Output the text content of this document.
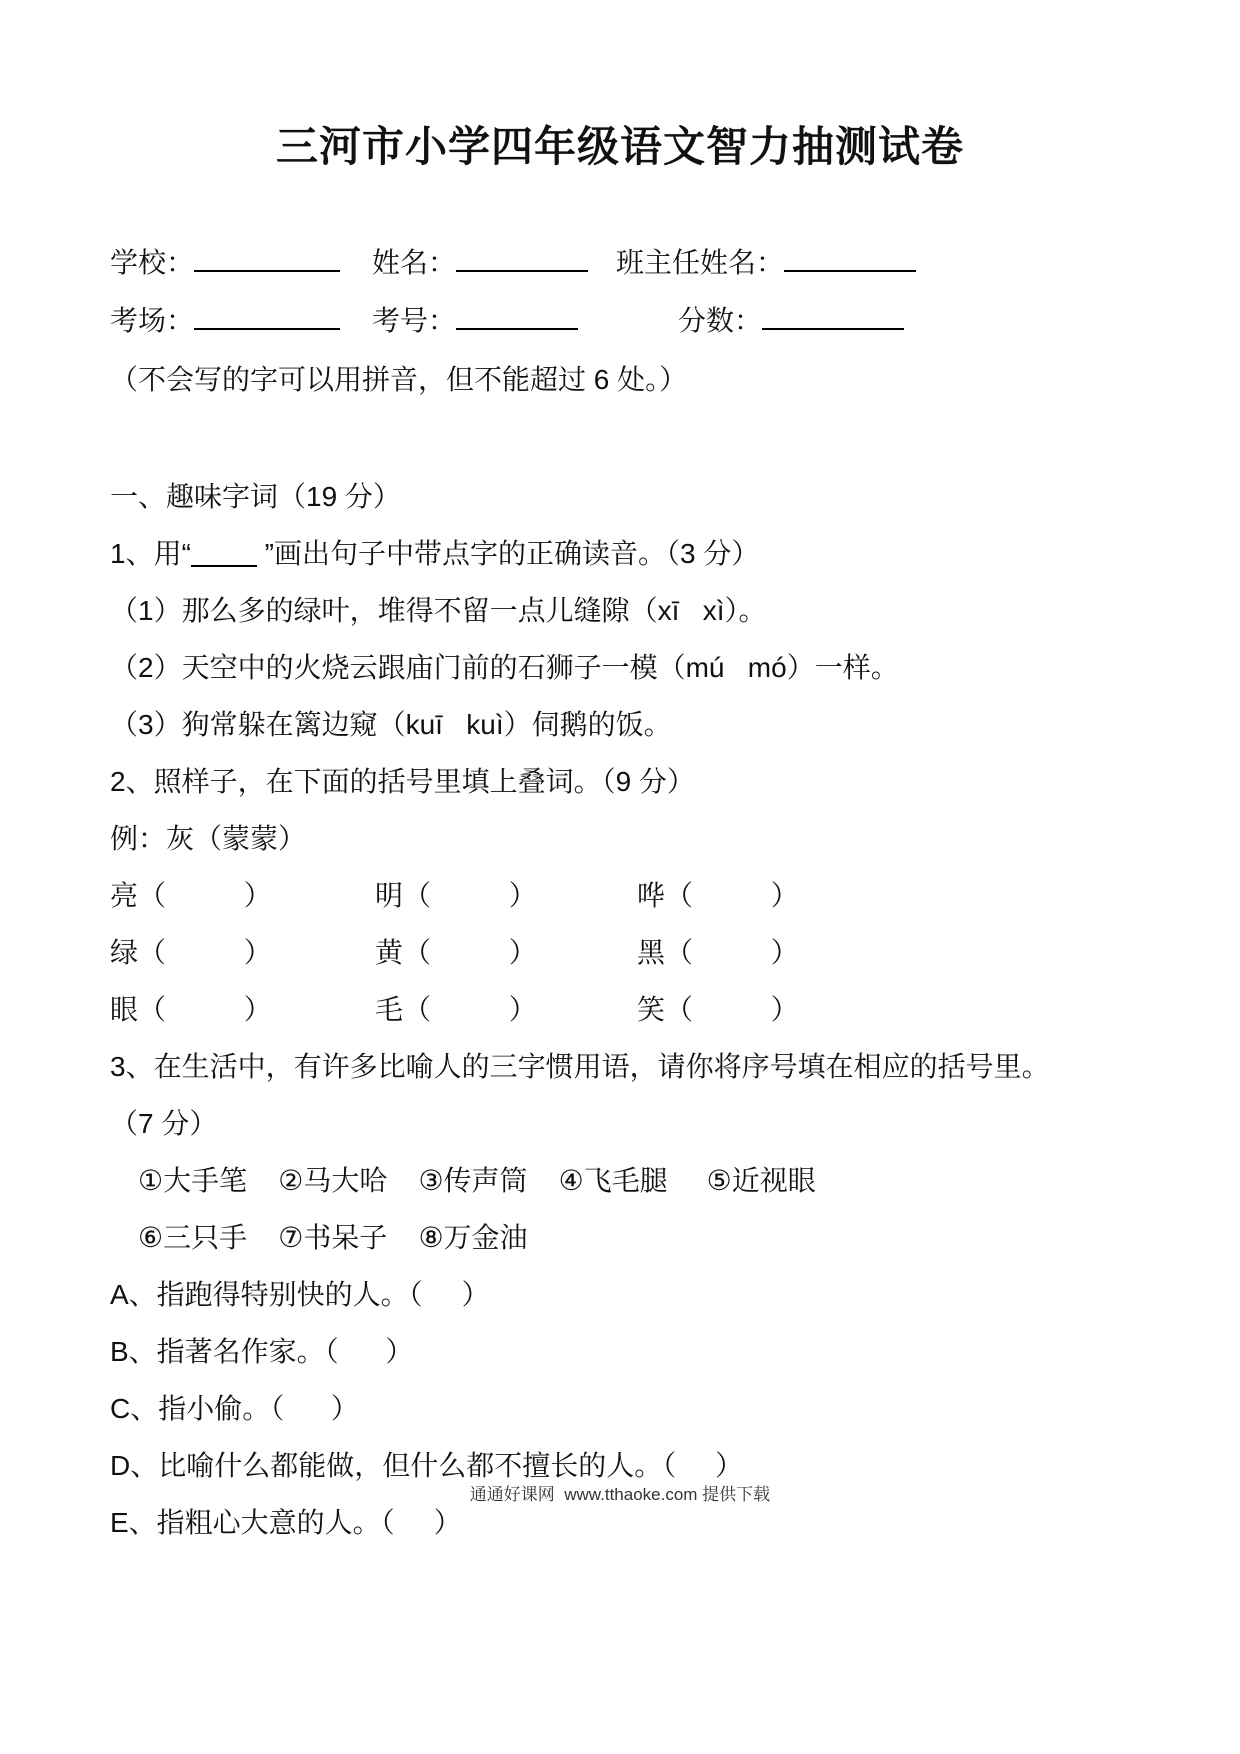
三河市小学四年级语文智力抽测试卷
学校：	姓名：	班主任姓名：
考场：	考号：	分数：

（不会写的字可以用拼音，但不能超过 6 处。）

一、趣味字词（19 分）

1、用“ ”画出句子中带点字的正确读音。（3 分）

（1）那么多的绿叶，堆得不留一点儿缝隙（xī   xì）。

（2）天空中的火烧云跟庙门前的石狮子一模（mú   mó）一样。

（3）狗常躲在篱边窥（kuī   kuì）伺鹅的饭。

2、照样子，在下面的括号里填上叠词。（9 分）

例：灰（蒙蒙）

亮（          ）	明（          ）	哗（          ）
绿（          ）	黄（          ）	黑（          ）
眼（          ）	毛（          ）	笑（          ）

3、在生活中，有许多比喻人的三字惯用语，请你将序号填在相应的括号里。

（7 分）

①大手笔    ②马大哈    ③传声筒    ④飞毛腿     ⑤近视眼

⑥三只手    ⑦书呆子    ⑧万金油

A、指跑得特别快的人。（     ）

B、指著名作家。（      ）

C、指小偷。（      ）

D、比喻什么都能做，但什么都不擅长的人。（     ）

E、指粗心大意的人。（     ）

通通好课网  www.tthaoke.com 提供下载
